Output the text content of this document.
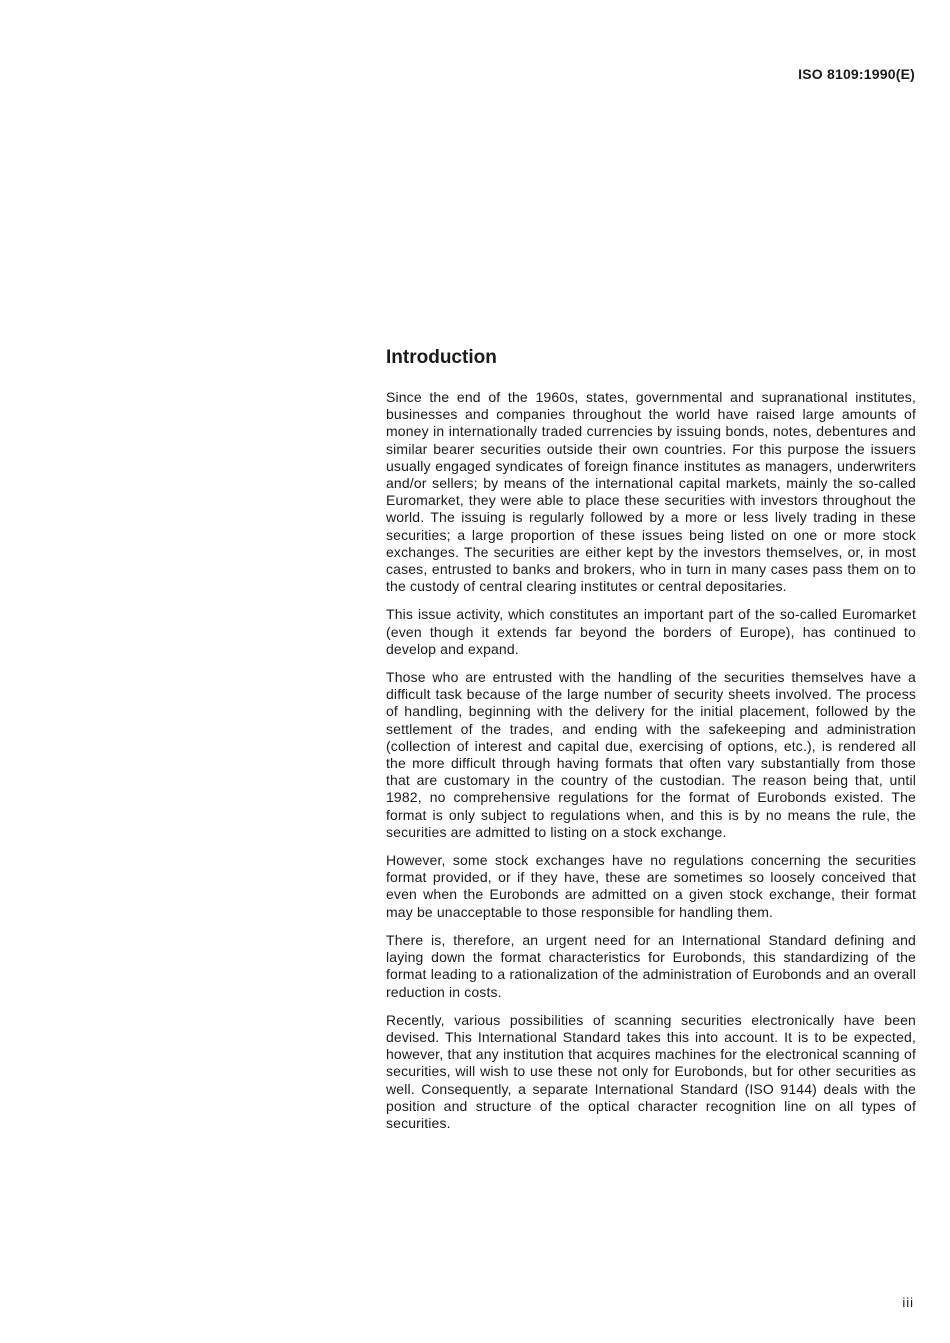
ISO 8109:1990(E)
Introduction

Since the end of the 1960s, states, governmental and supranational institutes, businesses and companies throughout the world have raised large amounts of money in internationally traded currencies by issuing bonds, notes, debentures and similar bearer securities outside their own countries. For this purpose the issuers usually engaged syndicates of foreign finance institutes as managers, underwriters and/or sellers; by means of the international capital markets, mainly the so-called Euromarket, they were able to place these securities with investors throughout the world. The issuing is regularly followed by a more or less lively trading in these securities; a large proportion of these issues being listed on one or more stock exchanges. The securities are either kept by the investors themselves, or, in most cases, entrusted to banks and brokers, who in turn in many cases pass them on to the custody of central clearing institutes or central depositaries.

This issue activity, which constitutes an important part of the so-called Euromarket (even though it extends far beyond the borders of Europe), has continued to develop and expand.

Those who are entrusted with the handling of the securities themselves have a difficult task because of the large number of security sheets involved. The process of handling, beginning with the delivery for the initial placement, followed by the settlement of the trades, and ending with the safekeeping and administration (collection of interest and capital due, exercising of options, etc.), is rendered all the more difficult through having formats that often vary substantially from those that are customary in the country of the custodian. The reason being that, until 1982, no comprehensive regulations for the format of Eurobonds existed. The format is only subject to regulations when, and this is by no means the rule, the securities are admitted to listing on a stock exchange.

However, some stock exchanges have no regulations concerning the securities format provided, or if they have, these are sometimes so loosely conceived that even when the Eurobonds are admitted on a given stock exchange, their format may be unacceptable to those responsible for handling them.

There is, therefore, an urgent need for an International Standard defining and laying down the format characteristics for Eurobonds, this standardizing of the format leading to a rationalization of the administration of Eurobonds and an overall reduction in costs.

Recently, various possibilities of scanning securities electronically have been devised. This International Standard takes this into account. It is to be expected, however, that any institution that acquires machines for the electronical scanning of securities, will wish to use these not only for Eurobonds, but for other securities as well. Consequently, a separate International Standard (ISO 9144) deals with the position and structure of the optical character recognition line on all types of securities.

iii
